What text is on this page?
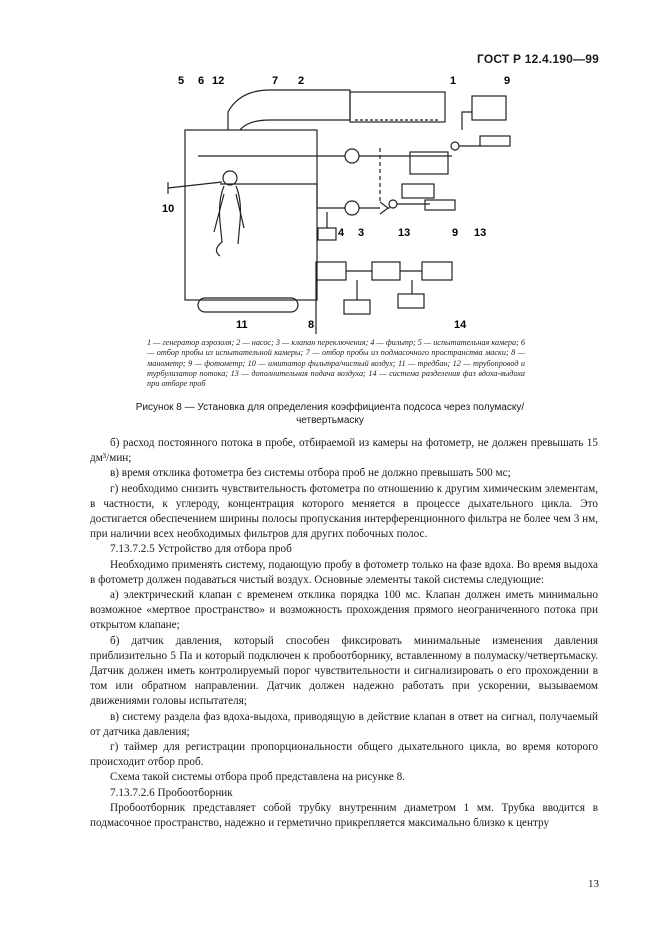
ГОСТ Р 12.4.190—99
5 6 12	7 2	1	9
10
4 3	13	9 13
11	8	14
1 — генератор аэрозоля; 2 — насос; 3 — клапан переключения; 4 — фильтр; 5 — испытательная камера; 6 — отбор пробы из испытательной камеры; 7 — отбор пробы из подмасочного пространства маски; 8 — манометр; 9 — фотометр; 10 — имитатор фильтра/чистый воздух; 11 — тредбан; 12 — трубопровод и турбулизатор потока; 13 — дополнительная подача воздуха; 14 — система разделения фаз вдоха-выдоха при отборе проб
Рисунок 8 — Установка для определения коэффициента подсоса через полумаску/четвертьмаску

б) расход постоянного потока в пробе, отбираемой из камеры на фотометр, не должен превышать 15 дм³/мин;

в) время отклика фотометра без системы отбора проб не должно превышать 500 мс;

г) необходимо снизить чувствительность фотометра по отношению к другим химическим элементам, в частности, к углероду, концентрация которого меняется в процессе дыхательного цикла. Это достигается обеспечением ширины полосы пропускания интерференционного фильтра не более чем 3 нм, при наличии всех необходимых фильтров для других побочных полос.

7.13.7.2.5 Устройство для отбора проб

Необходимо применять систему, подающую пробу в фотометр только на фазе вдоха. Во время выдоха в фотометр должен подаваться чистый воздух. Основные элементы такой системы следующие:

а) электрический клапан с временем отклика порядка 100 мс. Клапан должен иметь минимально возможное «мертвое пространство» и возможность прохождения прямого неограниченного потока при открытом клапане;

б) датчик давления, который способен фиксировать минимальные изменения давления приблизительно 5 Па и который подключен к пробоотборнику, вставленному в полумаску/четвертьмаску. Датчик должен иметь контролируемый порог чувствительности и сигнализировать о его прохождении в том или обратном направлении. Датчик должен надежно работать при ускорении, вызываемом движениями головы испытателя;

в) систему раздела фаз вдоха-выдоха, приводящую в действие клапан в ответ на сигнал, получаемый от датчика давления;

г) таймер для регистрации пропорциональности общего дыхательного цикла, во время которого происходит отбор проб.

Схема такой системы отбора проб представлена на рисунке 8.

7.13.7.2.6 Пробоотборник

Пробоотборник представляет собой трубку внутренним диаметром 1 мм. Трубка вводится в подмасочное пространство, надежно и герметично прикрепляется максимально близко к центру

13
